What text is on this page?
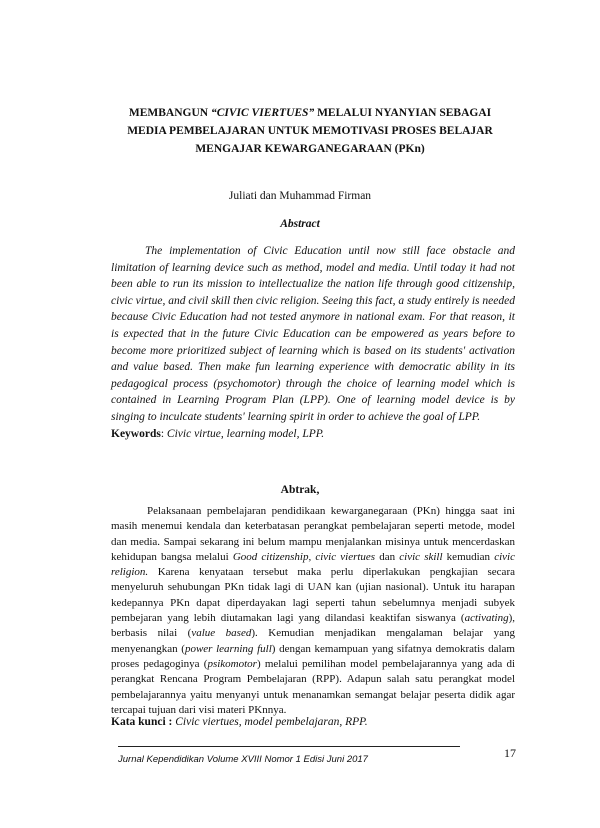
MEMBANGUN “CIVIC VIERTUES” MELALUI NYANYIAN SEBAGAI
MEDIA PEMBELAJARAN UNTUK MEMOTIVASI PROSES BELAJAR
MENGAJAR KEWARGANEGARAAN (PKn)
Juliati dan Muhammad Firman
Abstract

The implementation of Civic Education until now still face obstacle and limitation of learning device such as method, model and media. Until today it had not been able to run its mission to intellectualize the nation life through good citizenship, civic virtue, and civil skill then civic religion. Seeing this fact, a study entirely is needed because Civic Education had not tested anymore in national exam. For that reason, it is expected that in the future Civic Education can be empowered as years before to become more prioritized subject of learning which is based on its students' activation and value based. Then make fun learning experience with democratic ability in its pedagogical process (psychomotor) through the choice of learning model which is contained in Learning Program Plan (LPP). One of learning model device is by singing to inculcate students' learning spirit in order to achieve the goal of LPP.

Keywords: Civic virtue, learning model, LPP.
Abtrak,

Pelaksanaan pembelajaran pendidikaan kewarganegaraan (PKn) hingga saat ini masih menemui kendala dan keterbatasan perangkat pembelajaran seperti metode, model dan media. Sampai sekarang ini belum mampu menjalankan misinya untuk mencerdaskan kehidupan bangsa melalui Good citizenship, civic viertues dan civic skill kemudian civic religion. Karena kenyataan tersebut maka perlu diperlakukan pengkajian secara menyeluruh sehubungan PKn tidak lagi di UAN kan (ujian nasional). Untuk itu harapan kedepannya PKn dapat diperdayakan lagi seperti tahun sebelumnya menjadi subyek pembejaran yang lebih diutamakan lagi yang dilandasi keaktifan siswanya (activating), berbasis nilai (value based). Kemudian menjadikan mengalaman belajar yang menyenangkan (power learning full) dengan kemampuan yang sifatnya demokratis dalam proses pedagoginya (psikomotor) melalui pemilihan model pembelajarannya yang ada di perangkat Rencana Program Pembelajaran (RPP). Adapun salah satu perangkat model pembelajarannya yaitu menyanyi untuk menanamkan semangat belajar peserta didik agar tercapai tujuan dari visi materi PKnnya.

Kata kunci : Civic viertues, model pembelajaran, RPP.
Jurnal Kependidikan Volume XVIII Nomor 1 Edisi Juni 2017	17
